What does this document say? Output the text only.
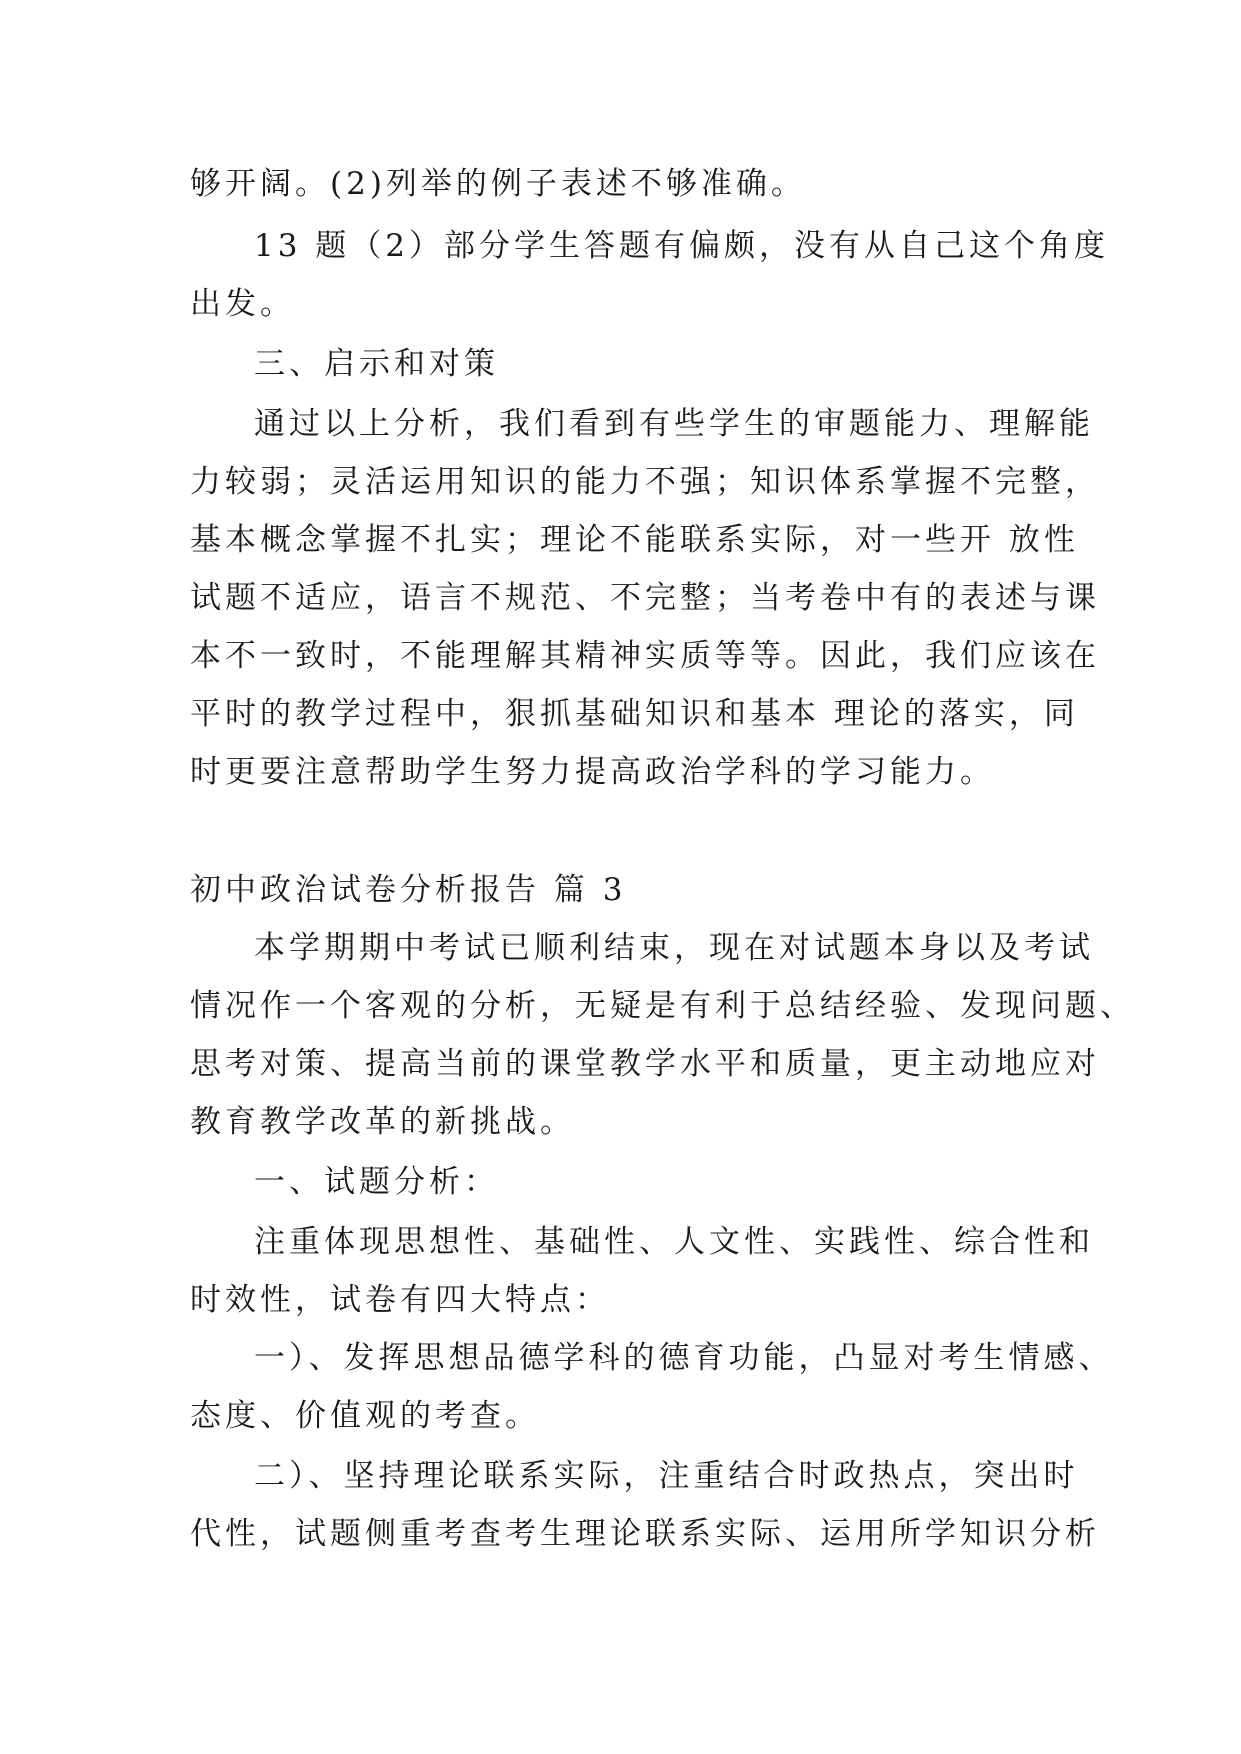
够开阔。(2)列举的例子表述不够准确。
13 题（2）部分学生答题有偏颇，没有从自己这个角度
出发。
三、启示和对策
通过以上分析，我们看到有些学生的审题能力、理解能
力较弱；灵活运用知识的能力不强；知识体系掌握不完整，
基本概念掌握不扎实；理论不能联系实际，对一些开 放性
试题不适应，语言不规范、不完整；当考卷中有的表述与课
本不一致时，不能理解其精神实质等等。因此，我们应该在
平时的教学过程中，狠抓基础知识和基本 理论的落实，同
时更要注意帮助学生努力提高政治学科的学习能力。
初中政治试卷分析报告 篇 3
本学期期中考试已顺利结束，现在对试题本身以及考试
情况作一个客观的分析，无疑是有利于总结经验、发现问题、
思考对策、提高当前的课堂教学水平和质量，更主动地应对
教育教学改革的新挑战。
一、试题分析：
注重体现思想性、基础性、人文性、实践性、综合性和
时效性，试卷有四大特点：
一）、发挥思想品德学科的德育功能，凸显对考生情感、
态度、价值观的考查。
二）、坚持理论联系实际，注重结合时政热点，突出时
代性，试题侧重考查考生理论联系实际、运用所学知识分析
